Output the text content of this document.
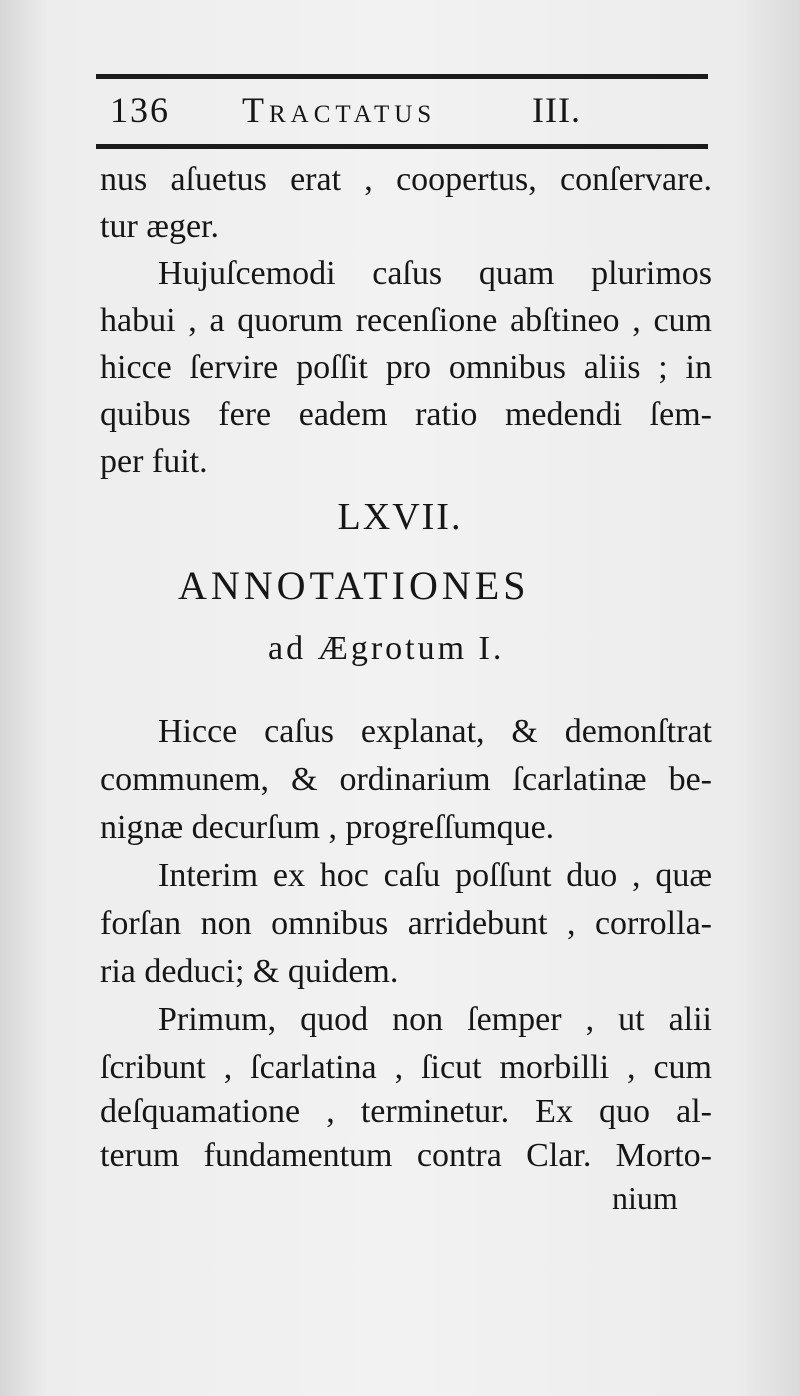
136 Tractatus	III.
nus aſuetus erat , coopertus, conſervare.
tur æger.
Hujuſcemodi caſus quam plurimos
habui , a quorum recenſione abſtineo , cum
hicce ſervire poſſit pro omnibus aliis ; in
quibus fere eadem ratio medendi ſem-
per fuit.
LXVII.
ANNOTATIONES
ad Ægrotum I.
Hicce caſus explanat, & demonſtrat
communem, & ordinarium ſcarlatinæ be-
nignæ decurſum , progreſſumque.
Interim ex hoc caſu poſſunt duo , quæ
forſan non omnibus arridebunt , corrolla-
ria deduci; & quidem.
Primum, quod non ſemper , ut alii
ſcribunt , ſcarlatina , ſicut morbilli , cum
deſquamatione , terminetur. Ex quo al-
terum fundamentum contra Clar. Morto-
nium
